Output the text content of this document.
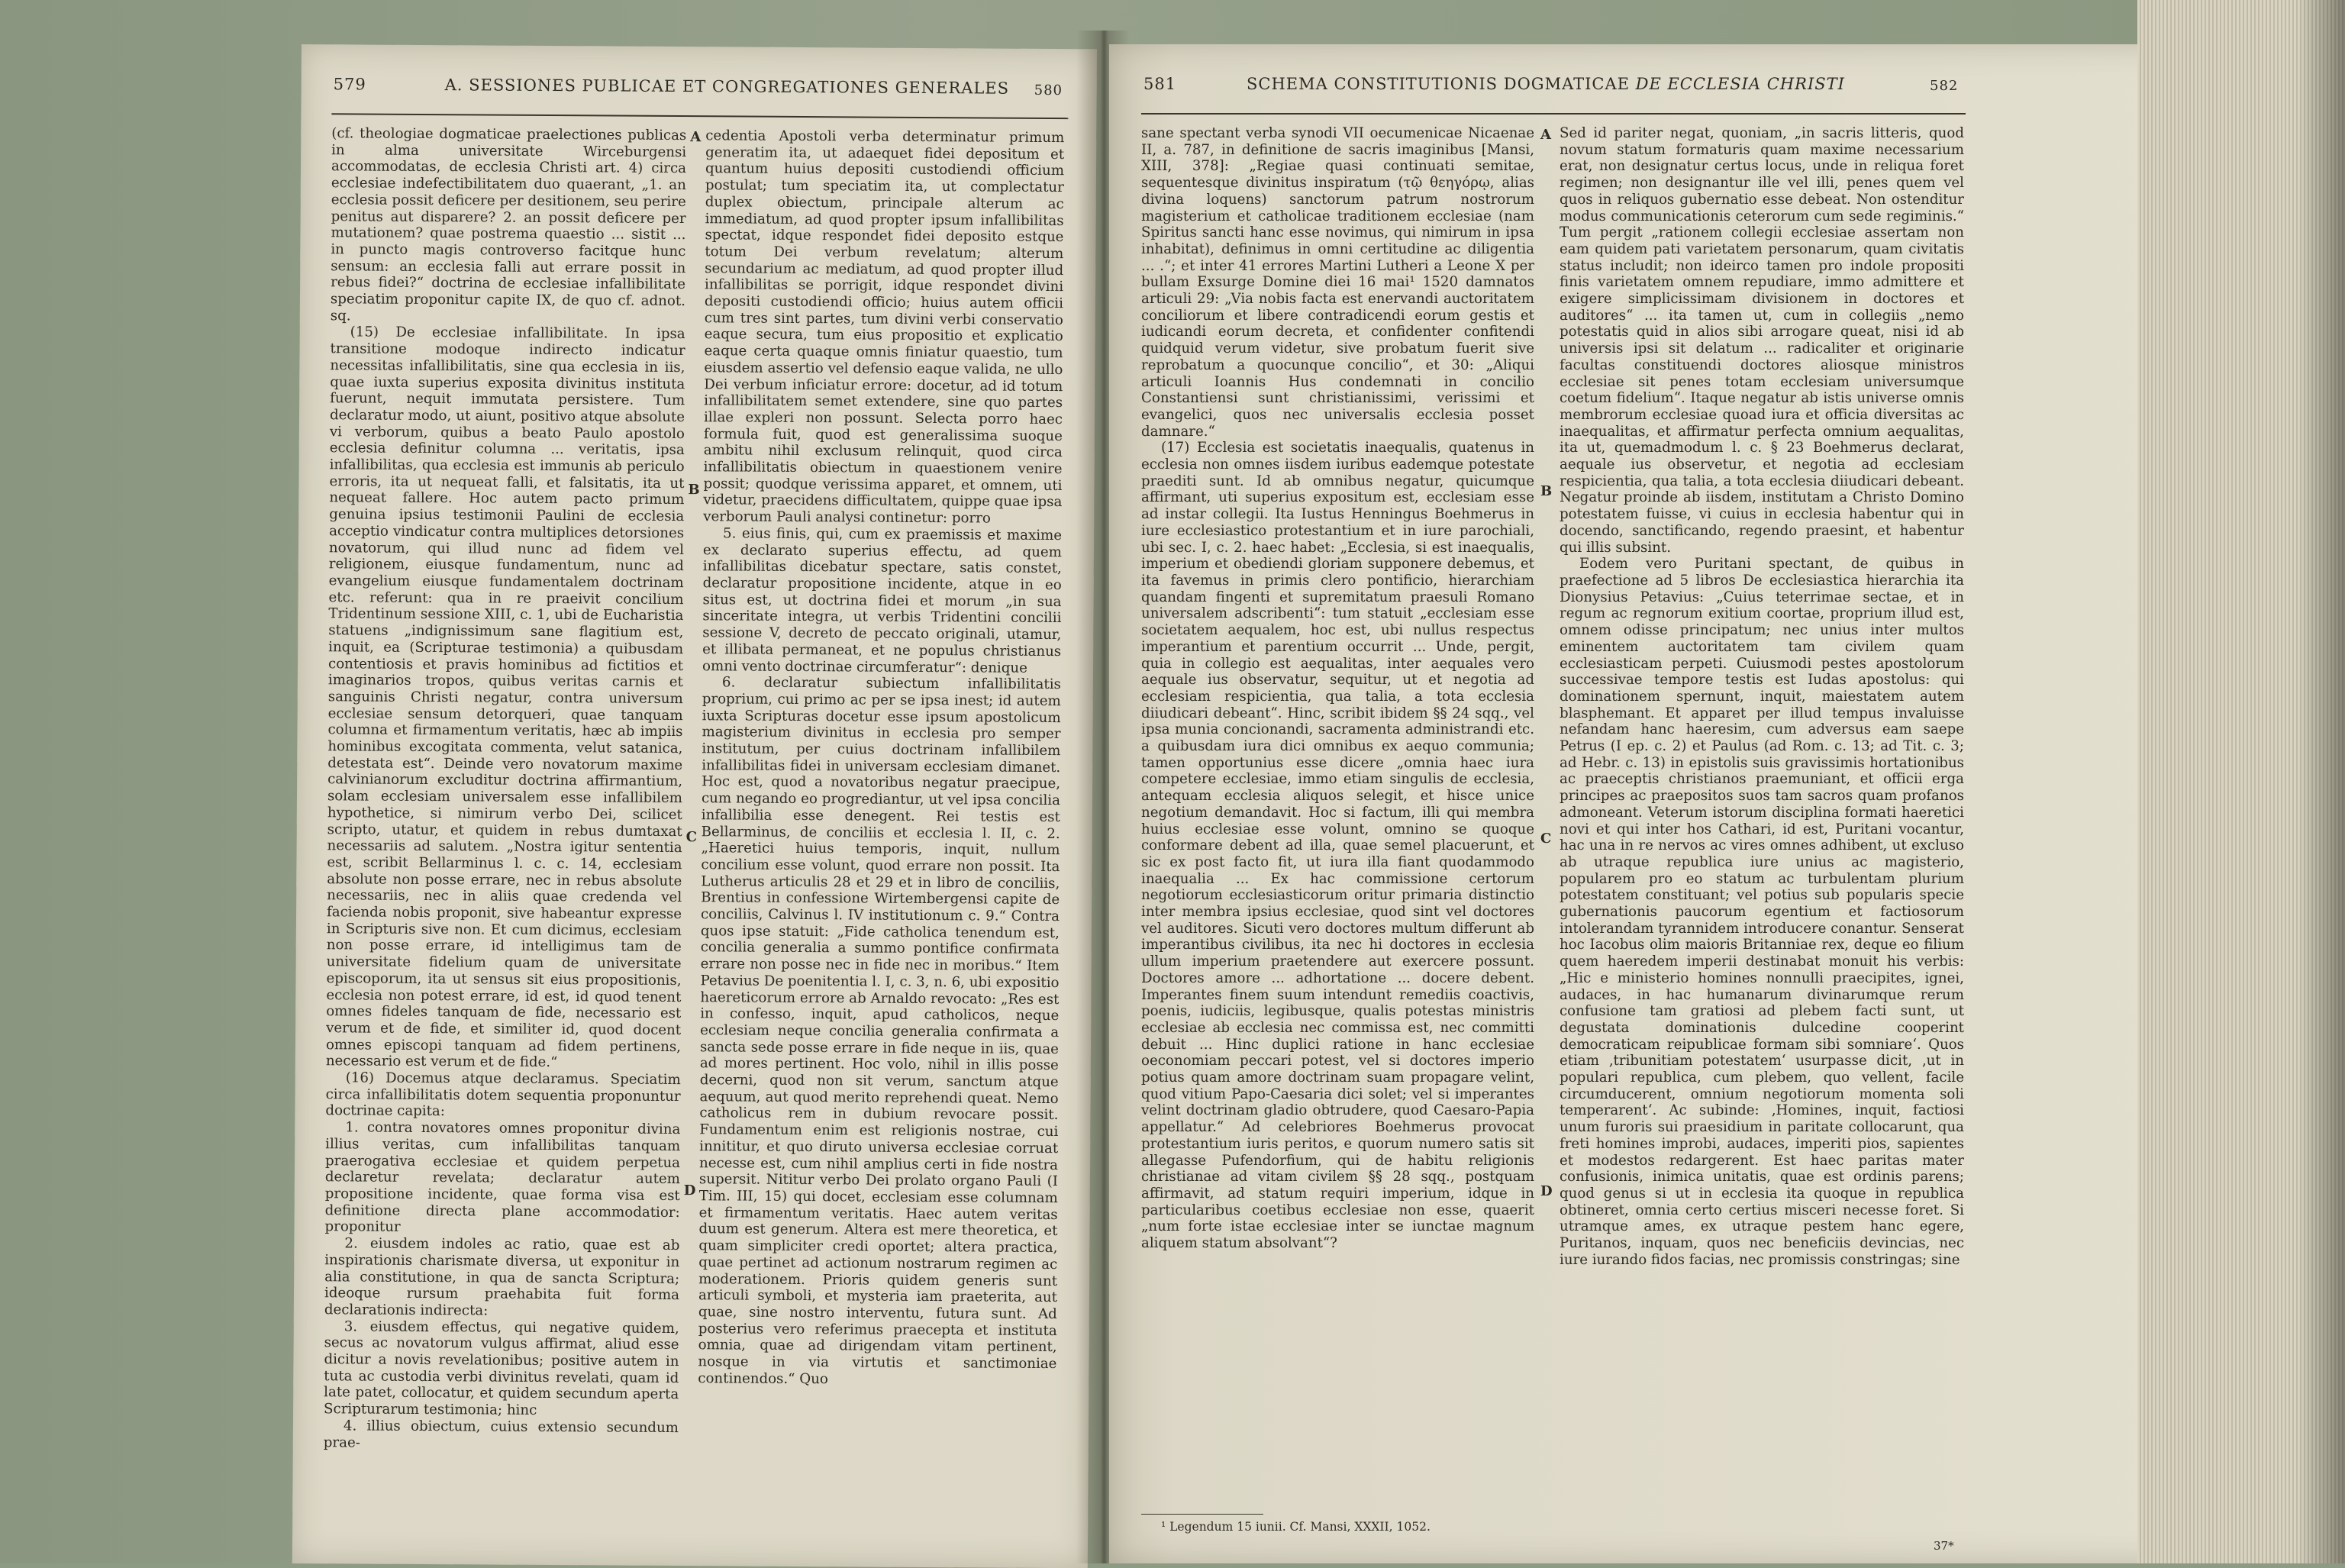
579	A. SESSIONES PUBLICAE ET CONGREGATIONES GENERALES 580

(cf. theologiae dogmaticae praelectiones publicas in alma universitate Wirceburgensi accommodatas, de ecclesia Christi art. 4) circa ecclesiae indefectibilitatem duo quaerant, „1. an ecclesia possit deficere per desitionem, seu perire penitus aut disparere? 2. an possit deficere per mutationem? quae postrema quaestio ... sistit ... in puncto magis controverso facitque hunc sensum: an ecclesia falli aut errare possit in rebus fidei?“ doctrina de ecclesiae infallibilitate speciatim proponitur capite IX, de quo cf. adnot. sq.

(15) De ecclesiae infallibilitate. In ipsa transitione modoque indirecto indicatur necessitas infallibilitatis, sine qua ecclesia in iis, quae iuxta superius exposita divinitus instituta fuerunt, nequit immutata persistere. Tum declaratur modo, ut aiunt, positivo atque absolute vi verborum, quibus a beato Paulo apostolo ecclesia definitur columna ... veritatis, ipsa infallibilitas, qua ecclesia est immunis ab periculo erroris, ita ut nequeat falli, et falsitatis, ita ut nequeat fallere. Hoc autem pacto primum genuina ipsius testimonii Paulini de ecclesia acceptio vindicatur contra multiplices detorsiones novatorum, qui illud nunc ad fidem vel religionem, eiusque fundamentum, nunc ad evangelium eiusque fundamentalem doctrinam etc. referunt: qua in re praeivit concilium Tridentinum sessione XIII, c. 1, ubi de Eucharistia statuens „indignissimum sane flagitium est, inquit, ea (Scripturae testimonia) a quibusdam contentiosis et pravis hominibus ad fictitios et imaginarios tropos, quibus veritas carnis et sanguinis Christi negatur, contra universum ecclesiae sensum detorqueri, quae tanquam columna et firmamentum veritatis, hæc ab impiis hominibus excogitata commenta, velut satanica, detestata est“. Deinde vero novatorum maxime calvinianorum excluditur doctrina affirmantium, solam ecclesiam universalem esse infallibilem hypothetice, si nimirum verbo Dei, scilicet scripto, utatur, et quidem in rebus dumtaxat necessariis ad salutem. „Nostra igitur sententia est, scribit Bellarminus l. c. c. 14, ecclesiam absolute non posse errare, nec in rebus absolute necessariis, nec in aliis quae credenda vel facienda nobis proponit, sive habeantur expresse in Scripturis sive non. Et cum dicimus, ecclesiam non posse errare, id intelligimus tam de universitate fidelium quam de universitate episcoporum, ita ut sensus sit eius propositionis, ecclesia non potest errare, id est, id quod tenent omnes fideles tanquam de fide, necessario est verum et de fide, et similiter id, quod docent omnes episcopi tanquam ad fidem pertinens, necessario est verum et de fide.“

(16) Docemus atque declaramus. Speciatim circa infallibilitatis dotem sequentia proponuntur doctrinae capita:

1. contra novatores omnes proponitur divina illius veritas, cum infallibilitas tanquam praerogativa ecclesiae et quidem perpetua declaretur revelata; declaratur autem propositione incidente, quae forma visa est definitione directa plane accommodatior: proponitur

2. eiusdem indoles ac ratio, quae est ab inspirationis charismate diversa, ut exponitur in alia constitutione, in qua de sancta Scriptura; ideoque rursum praehabita fuit forma declarationis indirecta:

3. eiusdem effectus, qui negative quidem, secus ac novatorum vulgus affirmat, aliud esse dicitur a novis revelationibus; positive autem in tuta ac custodia verbi divinitus revelati, quam id late patet, collocatur, et quidem secundum aperta Scripturarum testimonia; hinc

4. illius obiectum, cuius extensio secundum prae-

A
B
C
D

cedentia Apostoli verba determinatur primum generatim ita, ut adaequet fidei depositum et quantum huius depositi custodiendi officium postulat; tum speciatim ita, ut complectatur duplex obiectum, principale alterum ac immediatum, ad quod propter ipsum infallibilitas spectat, idque respondet fidei deposito estque totum Dei verbum revelatum; alterum secundarium ac mediatum, ad quod propter illud infallibilitas se porrigit, idque respondet divini depositi custodiendi officio; huius autem officii cum tres sint partes, tum divini verbi conservatio eaque secura, tum eius propositio et explicatio eaque certa quaque omnis finiatur quaestio, tum eiusdem assertio vel defensio eaque valida, ne ullo Dei verbum inficiatur errore: docetur, ad id totum infallibilitatem semet extendere, sine quo partes illae expleri non possunt. Selecta porro haec formula fuit, quod est generalissima suoque ambitu nihil exclusum relinquit, quod circa infallibilitatis obiectum in quaestionem venire possit; quodque verissima apparet, et omnem, uti videtur, praecidens difficultatem, quippe quae ipsa verborum Pauli analysi continetur: porro

5. eius finis, qui, cum ex praemissis et maxime ex declarato superius effectu, ad quem infallibilitas dicebatur spectare, satis constet, declaratur propositione incidente, atque in eo situs est, ut doctrina fidei et morum „in sua sinceritate integra, ut verbis Tridentini concilii sessione V, decreto de peccato originali, utamur, et illibata permaneat, et ne populus christianus omni vento doctrinae circumferatur“: denique

6. declaratur subiectum infallibilitatis proprium, cui primo ac per se ipsa inest; id autem iuxta Scripturas docetur esse ipsum apostolicum magisterium divinitus in ecclesia pro semper institutum, per cuius doctrinam infallibilem infallibilitas fidei in universam ecclesiam dimanet. Hoc est, quod a novatoribus negatur praecipue, cum negando eo progrediantur, ut vel ipsa concilia infallibilia esse denegent. Rei testis est Bellarminus, de conciliis et ecclesia l. II, c. 2. „Haeretici huius temporis, inquit, nullum concilium esse volunt, quod errare non possit. Ita Lutherus articulis 28 et 29 et in libro de conciliis, Brentius in confessione Wirtembergensi capite de conciliis, Calvinus l. IV institutionum c. 9.“ Contra quos ipse statuit: „Fide catholica tenendum est, concilia generalia a summo pontifice confirmata errare non posse nec in fide nec in moribus.“ Item Petavius De poenitentia l. I, c. 3, n. 6, ubi expositio haereticorum errore ab Arnaldo revocato: „Res est in confesso, inquit, apud catholicos, neque ecclesiam neque concilia generalia confirmata a sancta sede posse errare in fide neque in iis, quae ad mores pertinent. Hoc volo, nihil in illis posse decerni, quod non sit verum, sanctum atque aequum, aut quod merito reprehendi queat. Nemo catholicus rem in dubium revocare possit. Fundamentum enim est religionis nostrae, cui innititur, et quo diruto universa ecclesiae corruat necesse est, cum nihil amplius certi in fide nostra supersit. Nititur verbo Dei prolato organo Pauli (I Tim. III, 15) qui docet, ecclesiam esse columnam et firmamentum veritatis. Haec autem veritas duum est generum. Altera est mere theoretica, et quam simpliciter credi oportet; altera practica, quae pertinet ad actionum nostrarum regimen ac moderationem. Prioris quidem generis sunt articuli symboli, et mysteria iam praeterita, aut quae, sine nostro interventu, futura sunt. Ad posterius vero referimus praecepta et instituta omnia, quae ad dirigendam vitam pertinent, nosque in via virtutis et sanctimoniae continendos.“ Quo

581	SCHEMA CONSTITUTIONIS DOGMATICAE DE ECCLESIA CHRISTI	582

sane spectant verba synodi VII oecumenicae Nicaenae II, a. 787, in definitione de sacris imaginibus [Mansi, XIII, 378]: „Regiae quasi continuati semitae, sequentesque divinitus inspiratum (τῷ θεηγόρῳ, alias divina loquens) sanctorum patrum nostrorum magisterium et catholicae traditionem ecclesiae (nam Spiritus sancti hanc esse novimus, qui nimirum in ipsa inhabitat), definimus in omni certitudine ac diligentia ... .“; et inter 41 errores Martini Lutheri a Leone X per bullam Exsurge Domine diei 16 mai¹ 1520 damnatos articuli 29: „Via nobis facta est enervandi auctoritatem conciliorum et libere contradicendi eorum gestis et iudicandi eorum decreta, et confidenter confitendi quidquid verum videtur, sive probatum fuerit sive reprobatum a quocunque concilio“, et 30: „Aliqui articuli Ioannis Hus condemnati in concilio Constantiensi sunt christianissimi, verissimi et evangelici, quos nec universalis ecclesia posset damnare.“

(17) Ecclesia est societatis inaequalis, quatenus in ecclesia non omnes iisdem iuribus eademque potestate praediti sunt. Id ab omnibus negatur, quicumque affirmant, uti superius expositum est, ecclesiam esse ad instar collegii. Ita Iustus Henningus Boehmerus in iure ecclesiastico protestantium et in iure parochiali, ubi sec. I, c. 2. haec habet: „Ecclesia, si est inaequalis, imperium et obediendi gloriam supponere debemus, et ita favemus in primis clero pontificio, hierarchiam quandam fingenti et supremitatum praesuli Romano universalem adscribenti“: tum statuit „ecclesiam esse societatem aequalem, hoc est, ubi nullus respectus imperantium et parentium occurrit ... Unde, pergit, quia in collegio est aequalitas, inter aequales vero aequale ius observatur, sequitur, ut et negotia ad ecclesiam respicientia, qua talia, a tota ecclesia diiudicari debeant“. Hinc, scribit ibidem §§ 24 sqq., vel ipsa munia concionandi, sacramenta administrandi etc. a quibusdam iura dici omnibus ex aequo communia; tamen opportunius esse dicere „omnia haec iura competere ecclesiae, immo etiam singulis de ecclesia, antequam ecclesia aliquos selegit, et hisce unice negotium demandavit. Hoc si factum, illi qui membra huius ecclesiae esse volunt, omnino se quoque conformare debent ad illa, quae semel placuerunt, et sic ex post facto fit, ut iura illa fiant quodammodo inaequalia ... Ex hac commissione certorum negotiorum ecclesiasticorum oritur primaria distinctio inter membra ipsius ecclesiae, quod sint vel doctores vel auditores. Sicuti vero doctores multum differunt ab imperantibus civilibus, ita nec hi doctores in ecclesia ullum imperium praetendere aut exercere possunt. Doctores amore ... adhortatione ... docere debent. Imperantes finem suum intendunt remediis coactivis, poenis, iudiciis, legibusque, qualis potestas ministris ecclesiae ab ecclesia nec commissa est, nec committi debuit ... Hinc duplici ratione in hanc ecclesiae oeconomiam peccari potest, vel si doctores imperio potius quam amore doctrinam suam propagare velint, quod vitium Papo-Caesaria dici solet; vel si imperantes velint doctrinam gladio obtrudere, quod Caesaro-Papia appellatur.“ Ad celebriores Boehmerus provocat protestantium iuris peritos, e quorum numero satis sit allegasse Pufendorfium, qui de habitu religionis christianae ad vitam civilem §§ 28 sqq., postquam affirmavit, ad statum requiri imperium, idque in particularibus coetibus ecclesiae non esse, quaerit „num forte istae ecclesiae inter se iunctae magnum aliquem statum absolvant“?

¹ Legendum 15 iunii. Cf. Mansi, XXXII, 1052.
A
B
C
D

Sed id pariter negat, quoniam, „in sacris litteris, quod novum statum formaturis quam maxime necessarium erat, non designatur certus locus, unde in reliqua foret regimen; non designantur ille vel illi, penes quem vel quos in reliquos gubernatio esse debeat. Non ostenditur modus communicationis ceterorum cum sede regiminis.“ Tum pergit „rationem collegii ecclesiae assertam non eam quidem pati varietatem personarum, quam civitatis status includit; non ideirco tamen pro indole propositi finis varietatem omnem repudiare, immo admittere et exigere simplicissimam divisionem in doctores et auditores“ ... ita tamen ut, cum in collegiis „nemo potestatis quid in alios sibi arrogare queat, nisi id ab universis ipsi sit delatum ... radicaliter et originarie facultas constituendi doctores aliosque ministros ecclesiae sit penes totam ecclesiam universumque coetum fidelium“. Itaque negatur ab istis universe omnis membrorum ecclesiae quoad iura et officia diversitas ac inaequalitas, et affirmatur perfecta omnium aequalitas, ita ut, quemadmodum l. c. § 23 Boehmerus declarat, aequale ius observetur, et negotia ad ecclesiam respicientia, qua talia, a tota ecclesia diiudicari debeant. Negatur proinde ab iisdem, institutam a Christo Domino potestatem fuisse, vi cuius in ecclesia habentur qui in docendo, sanctificando, regendo praesint, et habentur qui illis subsint.

Eodem vero Puritani spectant, de quibus in praefectione ad 5 libros De ecclesiastica hierarchia ita Dionysius Petavius: „Cuius teterrimae sectae, et in regum ac regnorum exitium coortae, proprium illud est, omnem odisse principatum; nec unius inter multos eminentem auctoritatem tam civilem quam ecclesiasticam perpeti. Cuiusmodi pestes apostolorum successivae tempore testis est Iudas apostolus: qui dominationem spernunt, inquit, maiestatem autem blasphemant. Et apparet per illud tempus invaluisse nefandam hanc haeresim, cum adversus eam saepe Petrus (I ep. c. 2) et Paulus (ad Rom. c. 13; ad Tit. c. 3; ad Hebr. c. 13) in epistolis suis gravissimis hortationibus ac praeceptis christianos praemuniant, et officii erga principes ac praepositos suos tam sacros quam profanos admoneant. Veterum istorum disciplina formati haeretici novi et qui inter hos Cathari, id est, Puritani vocantur, hac una in re nervos ac vires omnes adhibent, ut excluso ab utraque republica iure unius ac magisterio, popularem pro eo statum ac turbulentam plurium potestatem constituant; vel potius sub popularis specie gubernationis paucorum egentium et factiosorum intolerandam tyrannidem introducere conantur. Senserat hoc Iacobus olim maioris Britanniae rex, deque eo filium quem haeredem imperii destinabat monuit his verbis: „Hic e ministerio homines nonnulli praecipites, ignei, audaces, in hac humanarum divinarumque rerum confusione tam gratiosi ad plebem facti sunt, ut degustata dominationis dulcedine cooperint democraticam reipublicae formam sibi somniare‘. Quos etiam ‚tribunitiam potestatem‘ usurpasse dicit, ‚ut in populari republica, cum plebem, quo vellent, facile circumducerent, omnium negotiorum momenta soli temperarent‘. Ac subinde: ‚Homines, inquit, factiosi unum furoris sui praesidium in paritate collocarunt, qua freti homines improbi, audaces, imperiti pios, sapientes et modestos redargerent. Est haec paritas mater confusionis, inimica unitatis, quae est ordinis parens; quod genus si ut in ecclesia ita quoque in republica obtineret, omnia certo certius misceri necesse foret. Si utramque ames, ex utraque pestem hanc egere, Puritanos, inquam, quos nec beneficiis devincias, nec iure iurando fidos facias, nec promissis constringas; sine

37*
